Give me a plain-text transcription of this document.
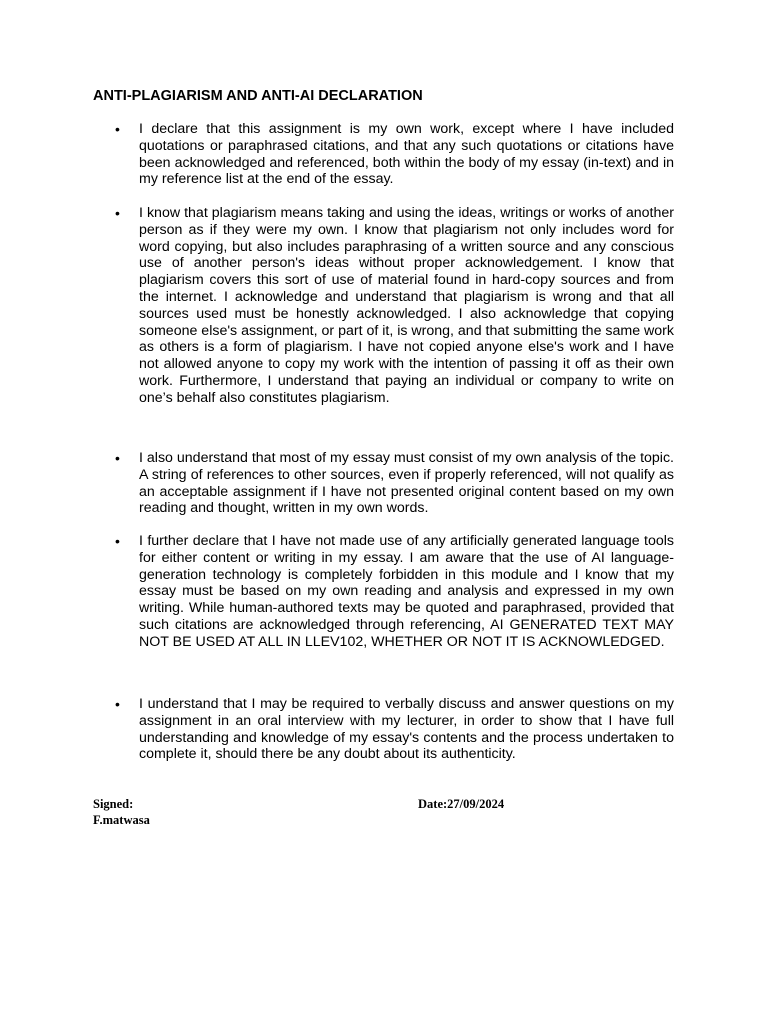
ANTI-PLAGIARISM AND ANTI-AI DECLARATION
• I declare that this assignment is my own work, except where I have included quotations or paraphrased citations, and that any such quotations or citations have been acknowledged and referenced, both within the body of my essay (in-text) and in my reference list at the end of the essay.
• I know that plagiarism means taking and using the ideas, writings or works of another person as if they were my own. I know that plagiarism not only includes word for word copying, but also includes paraphrasing of a written source and any conscious use of another person's ideas without proper acknowledgement. I know that plagiarism covers this sort of use of material found in hard-copy sources and from the internet. I acknowledge and understand that plagiarism is wrong and that all sources used must be honestly acknowledged. I also acknowledge that copying someone else's assignment, or part of it, is wrong, and that submitting the same work as others is a form of plagiarism. I have not copied anyone else's work and I have not allowed anyone to copy my work with the intention of passing it off as their own work. Furthermore, I understand that paying an individual or company to write on one’s behalf also constitutes plagiarism.
• I also understand that most of my essay must consist of my own analysis of the topic. A string of references to other sources, even if properly referenced, will not qualify as an acceptable assignment if I have not presented original content based on my own reading and thought, written in my own words.
• I further declare that I have not made use of any artificially generated language tools for either content or writing in my essay. I am aware that the use of AI language-generation technology is completely forbidden in this module and I know that my essay must be based on my own reading and analysis and expressed in my own writing. While human-authored texts may be quoted and paraphrased, provided that such citations are acknowledged through referencing, AI GENERATED TEXT MAY NOT BE USED AT ALL IN LLEV102, WHETHER OR NOT IT IS ACKNOWLEDGED.
• I understand that I may be required to verbally discuss and answer questions on my assignment in an oral interview with my lecturer, in order to show that I have full understanding and knowledge of my essay's contents and the process undertaken to complete it, should there be any doubt about its authenticity.
Signed:
F.matwasa
Date:27/09/2024
